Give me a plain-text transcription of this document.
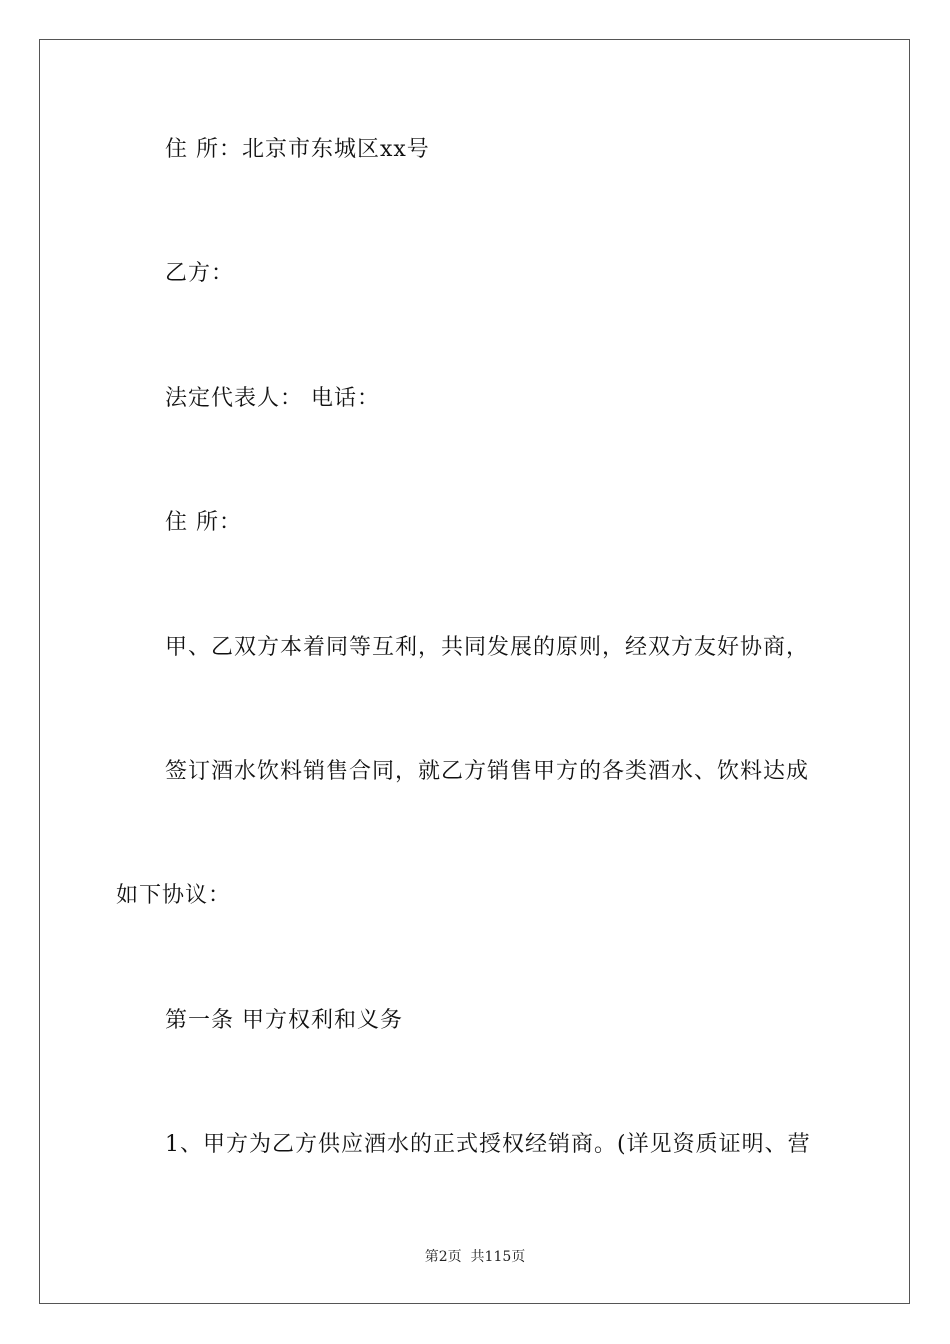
住 所：北京市东城区xx号
乙方：
法定代表人： 电话：
住 所：
甲、乙双方本着同等互利，共同发展的原则，经双方友好协商，
签订酒水饮料销售合同，就乙方销售甲方的各类酒水、饮料达成
如下协议：
第一条 甲方权利和义务
1、甲方为乙方供应酒水的正式授权经销商。(详见资质证明、营
第2页  共115页
